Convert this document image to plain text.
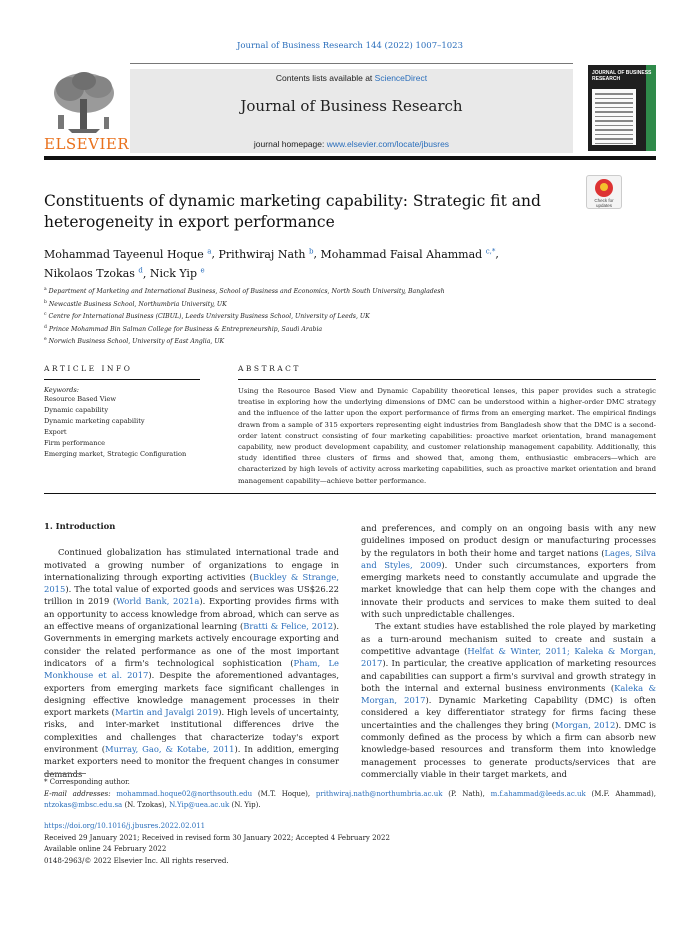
Journal of Business Research 144 (2022) 1007–1023
ELSEVIER
Contents lists available at ScienceDirect
Journal of Business Research
journal homepage: www.elsevier.com/locate/jbusres
JOURNAL OF BUSINESS RESEARCH
Constituents of dynamic marketing capability: Strategic fit and heterogeneity in export performance
Check for updates
Mohammad Tayeenul Hoque $^a$, Prithwiraj Nath $^b$, Mohammad Faisal Ahammad $^{c,*}$,
Nikolaos Tzokas $^d$, Nick Yip $^e$
$^a$ Department of Marketing and International Business, School of Business and Economics, North South University, Bangladesh
$^b$ Newcastle Business School, Northumbria University, UK
$^c$ Centre for International Business (CIBUL), Leeds University Business School, University of Leeds, UK
$^d$ Prince Mohammad Bin Salman College for Business & Entrepreneurship, Saudi Arabia
$^e$ Norwich Business School, University of East Anglia, UK
ARTICLE INFO
Keywords:
Resource Based View
Dynamic capability
Dynamic marketing capability
Export
Firm performance
Emerging market, Strategic Configuration
ABSTRACT
Using the Resource Based View and Dynamic Capability theoretical lenses, this paper provides such a strategic treatise in exploring how the underlying dimensions of DMC can be understood within a higher-order DMC strategy and the influence of the latter upon the export performance of firms from an emerging market. The empirical findings drawn from a sample of 315 exporters representing eight industries from Bangladesh show that the DMC is a second-order latent construct consisting of four marketing capabilities: proactive market orientation, brand management capability, new product development capability, and customer relationship management capability. Additionally, this study identified three clusters of firms and showed that, among them, enthusiastic embracers—which are characterized by high levels of activity across marketing capabilities, such as proactive market orientation and brand management capability—achieve better performance.
1. Introduction
Continued globalization has stimulated international trade and motivated a growing number of organizations to engage in internationalizing through exporting activities (Buckley & Strange, 2015). The total value of exported goods and services was US$26.22 trillion in 2019 (World Bank, 2021a). Exporting provides firms with an opportunity to access knowledge from abroad, which can serve as an effective means of organizational learning (Bratti & Felice, 2012). Governments in emerging markets actively encourage exporting and consider the related performance as one of the most important indicators of a firm's technological sophistication (Pham, Le Monkhouse et al. 2017). Despite the aforementioned advantages, exporters from emerging markets face significant challenges in designing effective knowledge management processes in their export markets (Martin and Javalgi 2019). High levels of uncertainty, risks, and inter-market institutional differences drive the complexities and challenges that characterize today's export environment (Murray, Gao, & Kotabe, 2011). In addition, emerging market exporters need to monitor the frequent changes in consumer
and preferences, and comply on an ongoing basis with any new guidelines imposed on product design or manufacturing processes by the regulators in both their home and target nations (Lages, Silva and Styles, 2009). Under such circumstances, exporters from emerging markets need to constantly accumulate and upgrade the market knowledge that can help them cope with the changes and innovate their products and services to make them suited to deal with such unpredictable challenges.
The extant studies have established the role played by marketing as a turn-around mechanism suited to create and sustain a competitive advantage (Helfat & Winter, 2011; Kaleka & Morgan, 2017). In particular, the creative application of marketing resources and capabilities can support a firm's survival and growth strategy in both the internal and external business environments (Kaleka & Morgan, 2017). Dynamic Marketing Capability (DMC) is often considered a key differentiator strategy for firms facing these uncertainties and the challenges they bring (Morgan, 2012). DMC is commonly defined as the process by which a firm can absorb new knowledge-based resources and transform them into knowledge management processes to generate products/services that are commercially viable in their target markets, and
* Corresponding author.
E-mail addresses: mohammad.hoque02@northsouth.edu (M.T. Hoque), prithwiraj.nath@northumbria.ac.uk (P. Nath), m.f.ahammad@leeds.ac.uk (M.F. Ahammad), ntzokas@mbsc.edu.sa (N. Tzokas), N.Yip@uea.ac.uk (N. Yip).
https://doi.org/10.1016/j.jbusres.2022.02.011
Received 29 January 2021; Received in revised form 30 January 2022; Accepted 4 February 2022
Available online 24 February 2022
0148-2963/© 2022 Elsevier Inc. All rights reserved.
